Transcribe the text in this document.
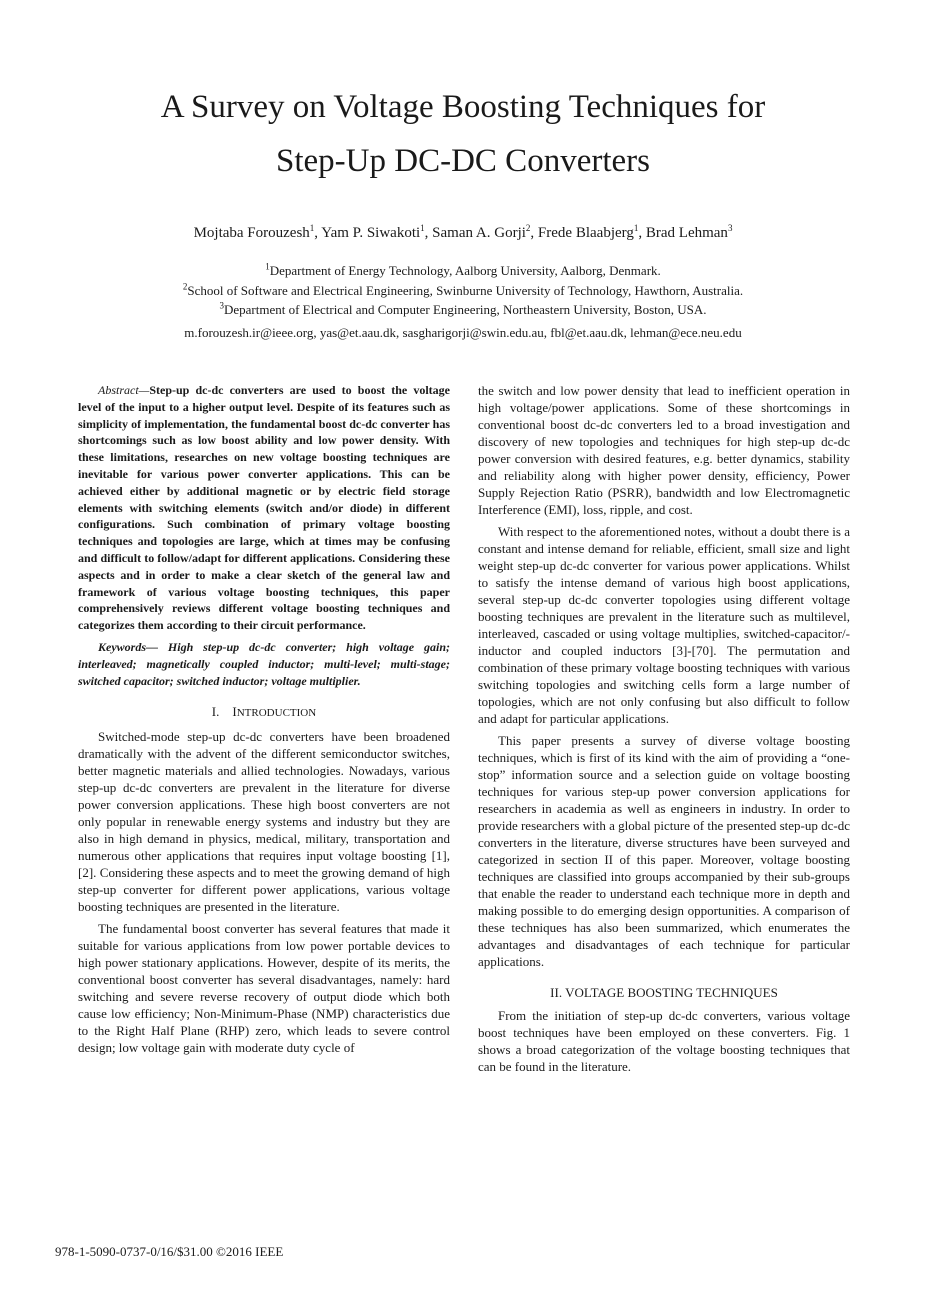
A Survey on Voltage Boosting Techniques for
Step-Up DC-DC Converters

Mojtaba Forouzesh$^1$, Yam P. Siwakoti$^1$, Saman A. Gorji$^2$, Frede Blaabjerg$^1$, Brad Lehman$^3$

$^1$Department of Energy Technology, Aalborg University, Aalborg, Denmark.

$^2$School of Software and Electrical Engineering, Swinburne University of Technology, Hawthorn, Australia.

$^3$Department of Electrical and Computer Engineering, Northeastern University, Boston, USA.

m.forouzesh.ir@ieee.org, yas@et.aau.dk, sasgharigorji@swin.edu.au, fbl@et.aau.dk, lehman@ece.neu.edu

Abstract—Step-up dc-dc converters are used to boost the voltage level of the input to a higher output level. Despite of its features such as simplicity of implementation, the fundamental boost dc-dc converter has shortcomings such as low boost ability and low power density. With these limitations, researches on new voltage boosting techniques are inevitable for various power converter applications. This can be achieved either by additional magnetic or by electric field storage elements with switching elements (switch and/or diode) in different configurations. Such combination of primary voltage boosting techniques and topologies are large, which at times may be confusing and difficult to follow/adapt for different applications. Considering these aspects and in order to make a clear sketch of the general law and framework of various voltage boosting techniques, this paper comprehensively reviews different voltage boosting techniques and categorizes them according to their circuit performance.

Keywords— High step-up dc-dc converter; high voltage gain; interleaved; magnetically coupled inductor; multi-level; multi-stage; switched capacitor; switched inductor; voltage multiplier.

I. INTRODUCTION

Switched-mode step-up dc-dc converters have been broadened dramatically with the advent of the different semiconductor switches, better magnetic materials and allied technologies. Nowadays, various step-up dc-dc converters are prevalent in the literature for diverse power conversion applications. These high boost converters are not only popular in renewable energy systems and industry but they are also in high demand in physics, medical, military, transportation and numerous other applications that requires input voltage boosting [1], [2]. Considering these aspects and to meet the growing demand of high step-up converter for different power applications, various voltage boosting techniques are presented in the literature.

The fundamental boost converter has several features that made it suitable for various applications from low power portable devices to high power stationary applications. However, despite of its merits, the conventional boost converter has several disadvantages, namely: hard switching and severe reverse recovery of output diode which both cause low efficiency; Non-Minimum-Phase (NMP) characteristics due to the Right Half Plane (RHP) zero, which leads to severe control design; low voltage gain with moderate duty cycle of

the switch and low power density that lead to inefficient operation in high voltage/power applications. Some of these shortcomings in conventional boost dc-dc converters led to a broad investigation and discovery of new topologies and techniques for high step-up dc-dc power conversion with desired features, e.g. better dynamics, stability and reliability along with higher power density, efficiency, Power Supply Rejection Ratio (PSRR), bandwidth and low Electromagnetic Interference (EMI), loss, ripple, and cost.

With respect to the aforementioned notes, without a doubt there is a constant and intense demand for reliable, efficient, small size and light weight step-up dc-dc converter for various power applications. Whilst to satisfy the intense demand of various high boost applications, several step-up dc-dc converter topologies using different voltage boosting techniques are prevalent in the literature such as multilevel, interleaved, cascaded or using voltage multiplies, switched-capacitor/-inductor and coupled inductors [3]-[70]. The permutation and combination of these primary voltage boosting techniques with various switching topologies and switching cells form a large number of topologies, which are not only confusing but also difficult to follow and adapt for particular applications.

This paper presents a survey of diverse voltage boosting techniques, which is first of its kind with the aim of providing a “one-stop” information source and a selection guide on voltage boosting techniques for various step-up power conversion applications for researchers in academia as well as engineers in industry. In order to provide researchers with a global picture of the presented step-up dc-dc converters in the literature, diverse structures have been surveyed and categorized in section II of this paper. Moreover, voltage boosting techniques are classified into groups accompanied by their sub-groups that enable the reader to understand each technique more in depth and making possible to do emerging design opportunities. A comparison of these techniques has also been summarized, which enumerates the advantages and disadvantages of each technique for particular applications.

II. VOLTAGE BOOSTING TECHNIQUES

From the initiation of step-up dc-dc converters, various voltage boost techniques have been employed on these converters. Fig. 1 shows a broad categorization of the voltage boosting techniques that can be found in the literature.

978-1-5090-0737-0/16/$31.00 ©2016 IEEE
